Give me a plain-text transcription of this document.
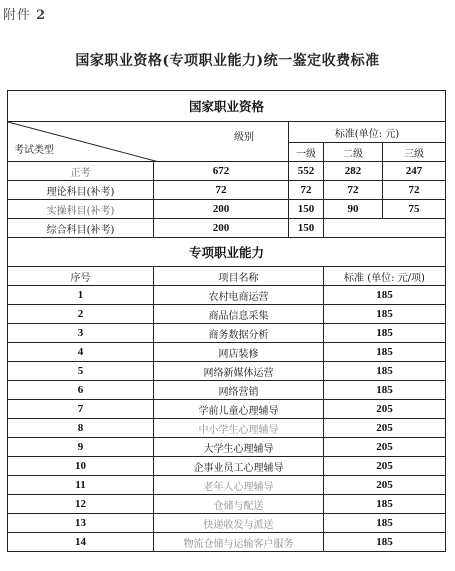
附件 2
国家职业资格(专项职业能力)统一鉴定收费标准
国家职业资格					

级别
考试类型		标准(单位: 元)			
		一级	二级	三级	
正考	672	552	282	247	
理论科目(补考)	72	72	72	72	
实操科目(补考)	200	150	90	75	
综合科目(补考)	200	150			
专项职业能力					
序号	项目名称		标准 (单位: 元/项)		
1	农村电商运营		185		
2	商品信息采集		185		
3	商务数据分析		185		
4	网店装修		185		
5	网络新媒体运营		185		
6	网络营销		185		
7	学前儿童心理辅导		205		
8	中小学生心理辅导		205		
9	大学生心理辅导		205		
10	企事业员工心理辅导		205		
11	老年人心理辅导		205		
12	仓储与配送		185		
13	快递收发与派送		185		
14	物流仓储与运输客户服务		185		
